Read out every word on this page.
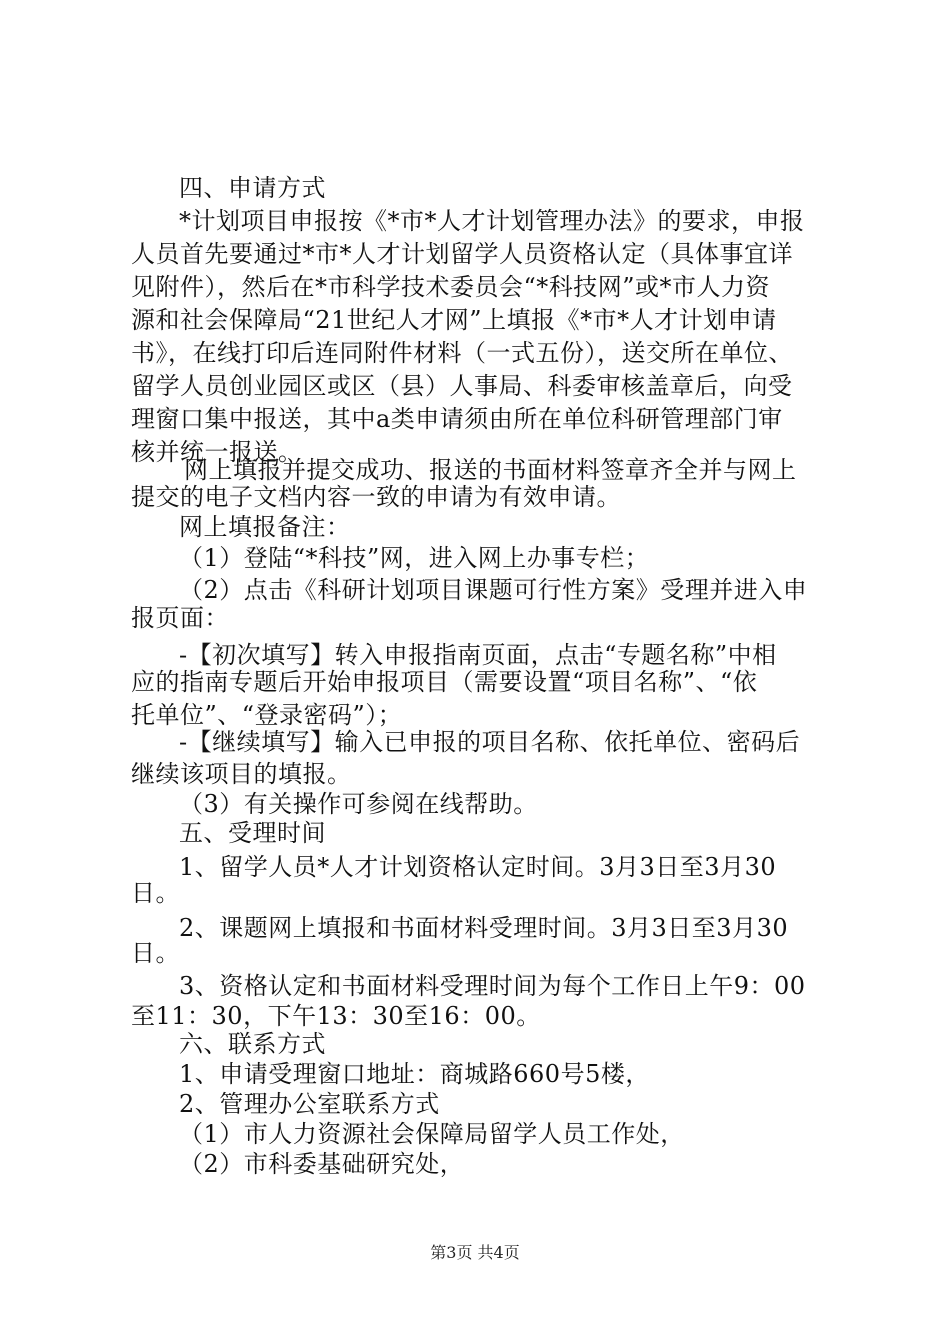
四、申请方式
*计划项目申报按《*市*人才计划管理办法》的要求，申报
人员首先要通过*市*人才计划留学人员资格认定（具体事宜详
见附件），然后在*市科学技术委员会“*科技网”或*市人力资
源和社会保障局“21世纪人才网”上填报《*市*人才计划申请
书》，在线打印后连同附件材料（一式五份），送交所在单位、
留学人员创业园区或区（县）人事局、科委审核盖章后，向受
理窗口集中报送，其中a类申请须由所在单位科研管理部门审
核并统一报送。
网上填报并提交成功、报送的书面材料签章齐全并与网上
提交的电子文档内容一致的申请为有效申请。
网上填报备注：
（1）登陆“*科技”网，进入网上办事专栏；
（2）点击《科研计划项目课题可行性方案》受理并进入申
报页面：
-【初次填写】转入申报指南页面，点击“专题名称”中相
应的指南专题后开始申报项目（需要设置“项目名称”、“依
托单位”、“登录密码”）；
-【继续填写】输入已申报的项目名称、依托单位、密码后
继续该项目的填报。
（3）有关操作可参阅在线帮助。
五、受理时间
1、留学人员*人才计划资格认定时间。3月3日至3月30
日。
2、课题网上填报和书面材料受理时间。3月3日至3月30
日。
3、资格认定和书面材料受理时间为每个工作日上午9：00
至11：30，下午13：30至16：00。
六、联系方式
1、申请受理窗口地址：商城路660号5楼，
2、管理办公室联系方式
（1）市人力资源社会保障局留学人员工作处，
（2）市科委基础研究处，
第3页 共4页
